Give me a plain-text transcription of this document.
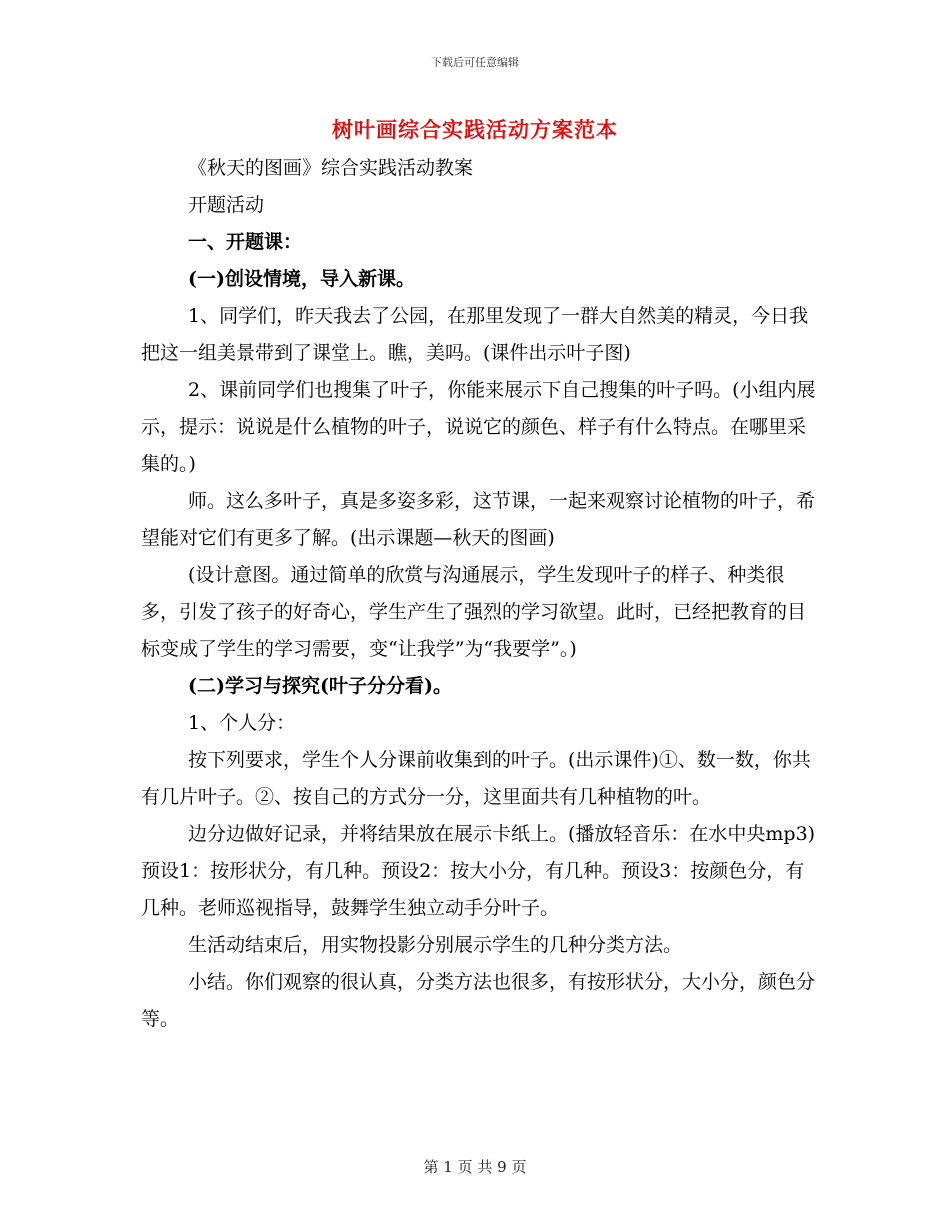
下载后可任意编辑
树叶画综合实践活动方案范本

《秋天的图画》综合实践活动教案

开题活动

一、开题课：

(一)创设情境，导入新课。

1、同学们，昨天我去了公园，在那里发现了一群大自然美的精灵，今日我把这一组美景带到了课堂上。瞧，美吗。(课件出示叶子图)

2、课前同学们也搜集了叶子，你能来展示下自己搜集的叶子吗。(小组内展示，提示：说说是什么植物的叶子，说说它的颜色、样子有什么特点。在哪里采集的。)

师。这么多叶子，真是多姿多彩，这节课，一起来观察讨论植物的叶子，希望能对它们有更多了解。(出示课题—秋天的图画)

(设计意图。通过简单的欣赏与沟通展示，学生发现叶子的样子、种类很多，引发了孩子的好奇心，学生产生了强烈的学习欲望。此时，已经把教育的目标变成了学生的学习需要，变“让我学”为“我要学”。)

(二)学习与探究(叶子分分看)。

1、个人分：

按下列要求，学生个人分课前收集到的叶子。(出示课件)①、数一数，你共有几片叶子。②、按自己的方式分一分，这里面共有几种植物的叶。

边分边做好记录，并将结果放在展示卡纸上。(播放轻音乐：在水中央mp3)预设1：按形状分，有几种。预设2：按大小分，有几种。预设3：按颜色分，有几种。老师巡视指导，鼓舞学生独立动手分叶子。

生活动结束后，用实物投影分别展示学生的几种分类方法。

小结。你们观察的很认真，分类方法也很多，有按形状分，大小分，颜色分等。

第 1 页 共 9 页
